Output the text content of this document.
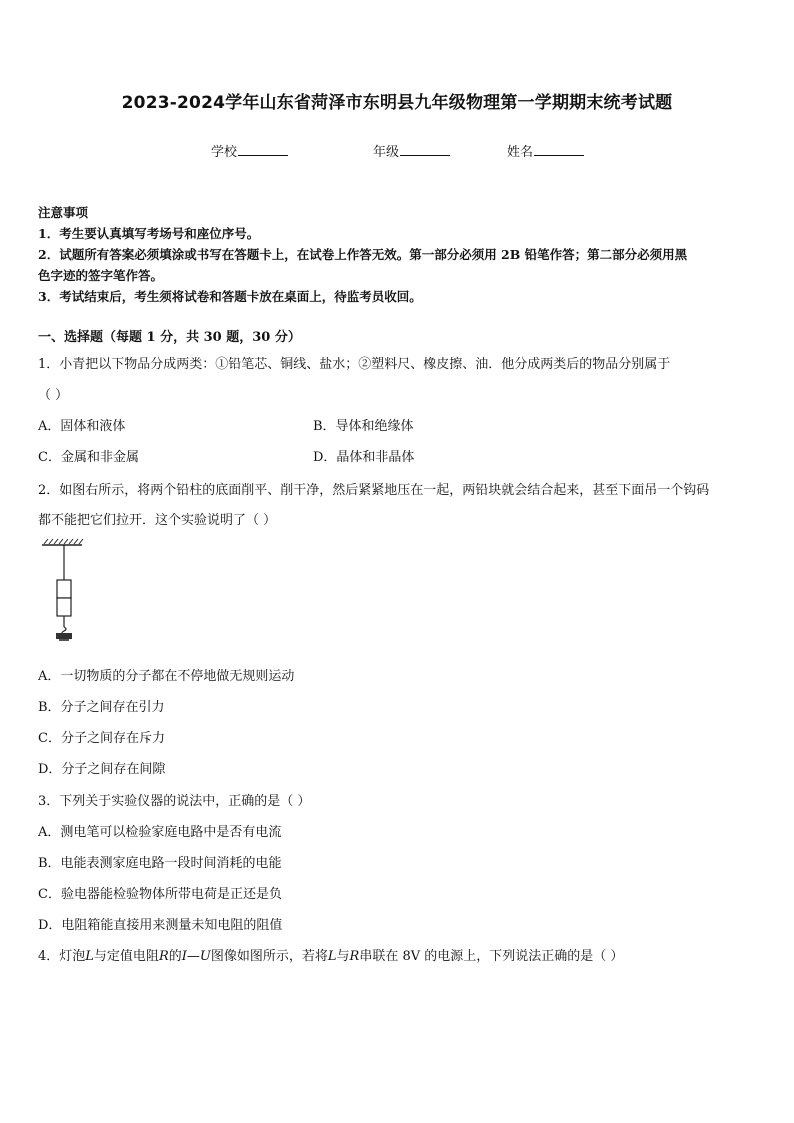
2023-2024学年山东省菏泽市东明县九年级物理第一学期期末统考试题
学校	年级	姓名
注意事项
1．考生要认真填写考场号和座位序号。
2．试题所有答案必须填涂或书写在答题卡上，在试卷上作答无效。第一部分必须用 2B 铅笔作答；第二部分必须用黑
色字迹的签字笔作答。
3．考试结束后，考生须将试卷和答题卡放在桌面上，待监考员收回。
一、选择题（每题 1 分，共 30 题，30 分）
1．小青把以下物品分成两类：①铅笔芯、铜线、盐水；②塑料尺、橡皮擦、油．他分成两类后的物品分别属于
（ ）
A．固体和液体	B．导体和绝缘体
C．金属和非金属	D．晶体和非晶体
2．如图右所示，将两个铅柱的底面削平、削干净，然后紧紧地压在一起，两铅块就会结合起来，甚至下面吊一个钩码
都不能把它们拉开．这个实验说明了（ ）
A．一切物质的分子都在不停地做无规则运动
B．分子之间存在引力
C．分子之间存在斥力
D．分子之间存在间隙
3．下列关于实验仪器的说法中，正确的是（ ）
A．测电笔可以检验家庭电路中是否有电流
B．电能表测家庭电路一段时间消耗的电能
C．验电器能检验物体所带电荷是正还是负
D．电阻箱能直接用来测量未知电阻的阻值
4．灯泡L与定值电阻R的I—U图像如图所示，若将L与R串联在 8V 的电源上，下列说法正确的是（ ）
